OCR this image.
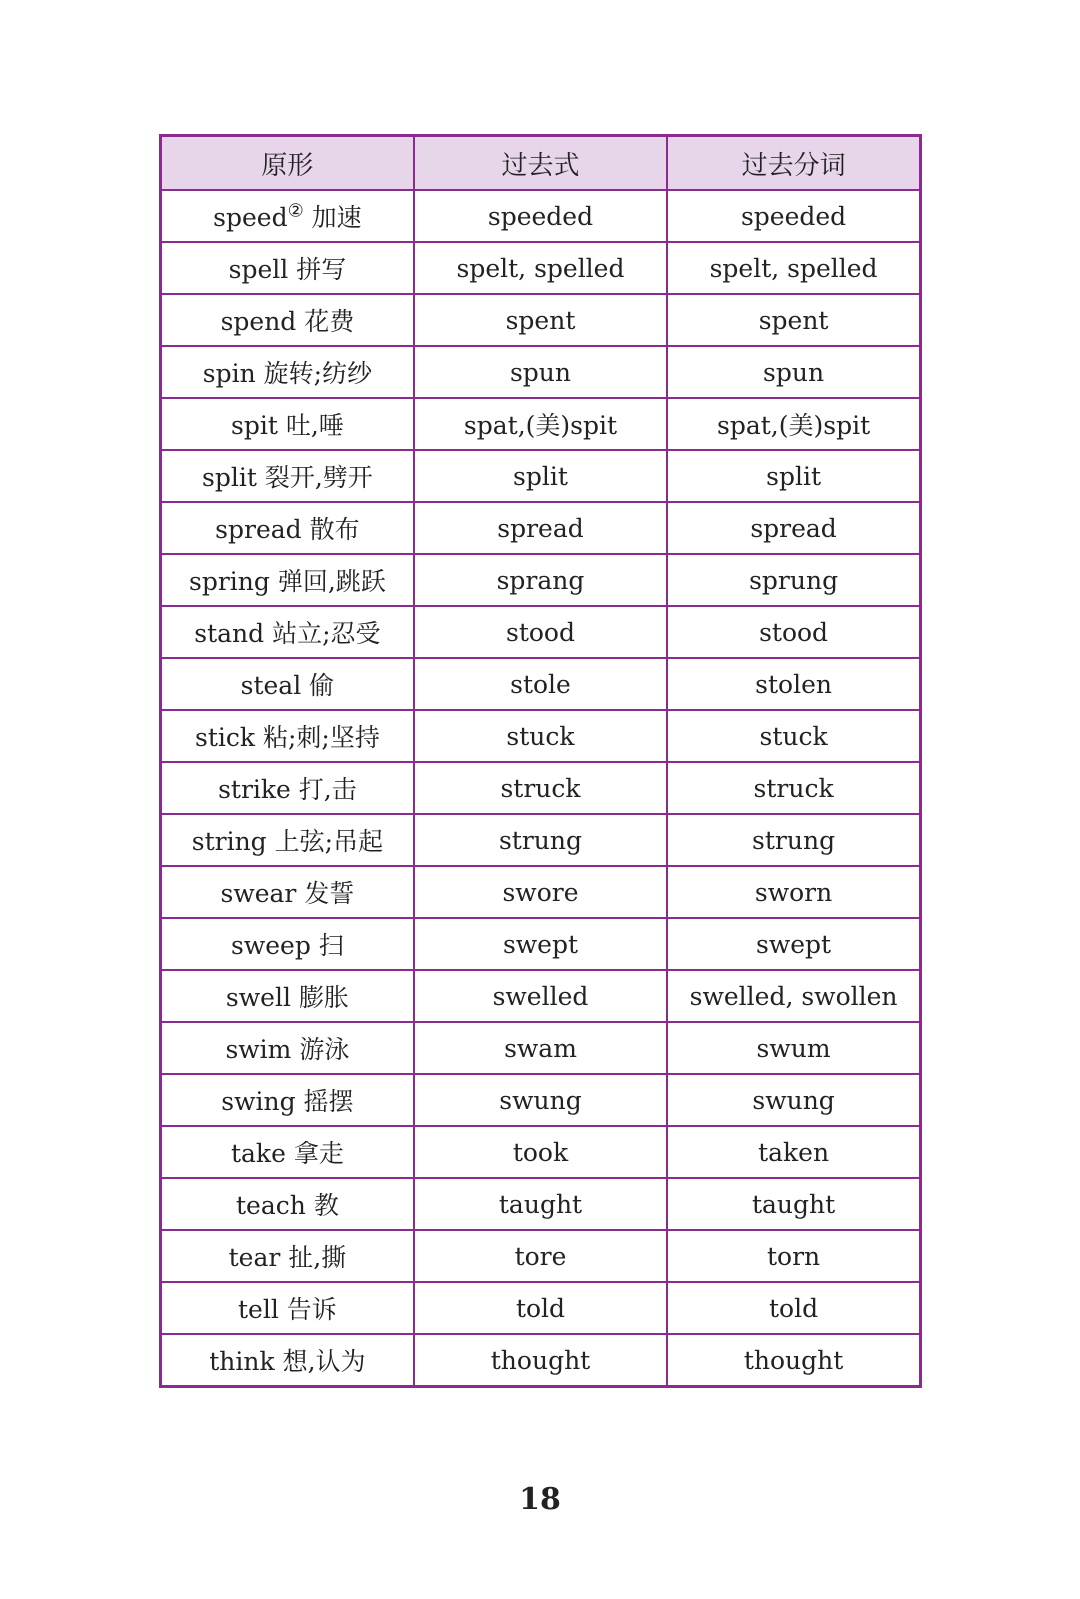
原形	过去式	过去分词
speed② 加速	speeded	speeded
spell 拼写	spelt, spelled	spelt, spelled
spend 花费	spent	spent
spin 旋转;纺纱	spun	spun
spit 吐,唾	spat,(美)spit	spat,(美)spit
split 裂开,劈开	split	split
spread 散布	spread	spread
spring 弹回,跳跃	sprang	sprung
stand 站立;忍受	stood	stood
steal 偷	stole	stolen
stick 粘;刺;坚持	stuck	stuck
strike 打,击	struck	struck
string 上弦;吊起	strung	strung
swear 发誓	swore	sworn
sweep 扫	swept	swept
swell 膨胀	swelled	swelled, swollen
swim 游泳	swam	swum
swing 摇摆	swung	swung
take 拿走	took	taken
teach 教	taught	taught
tear 扯,撕	tore	torn
tell 告诉	told	told
think 想,认为	thought	thought
18
